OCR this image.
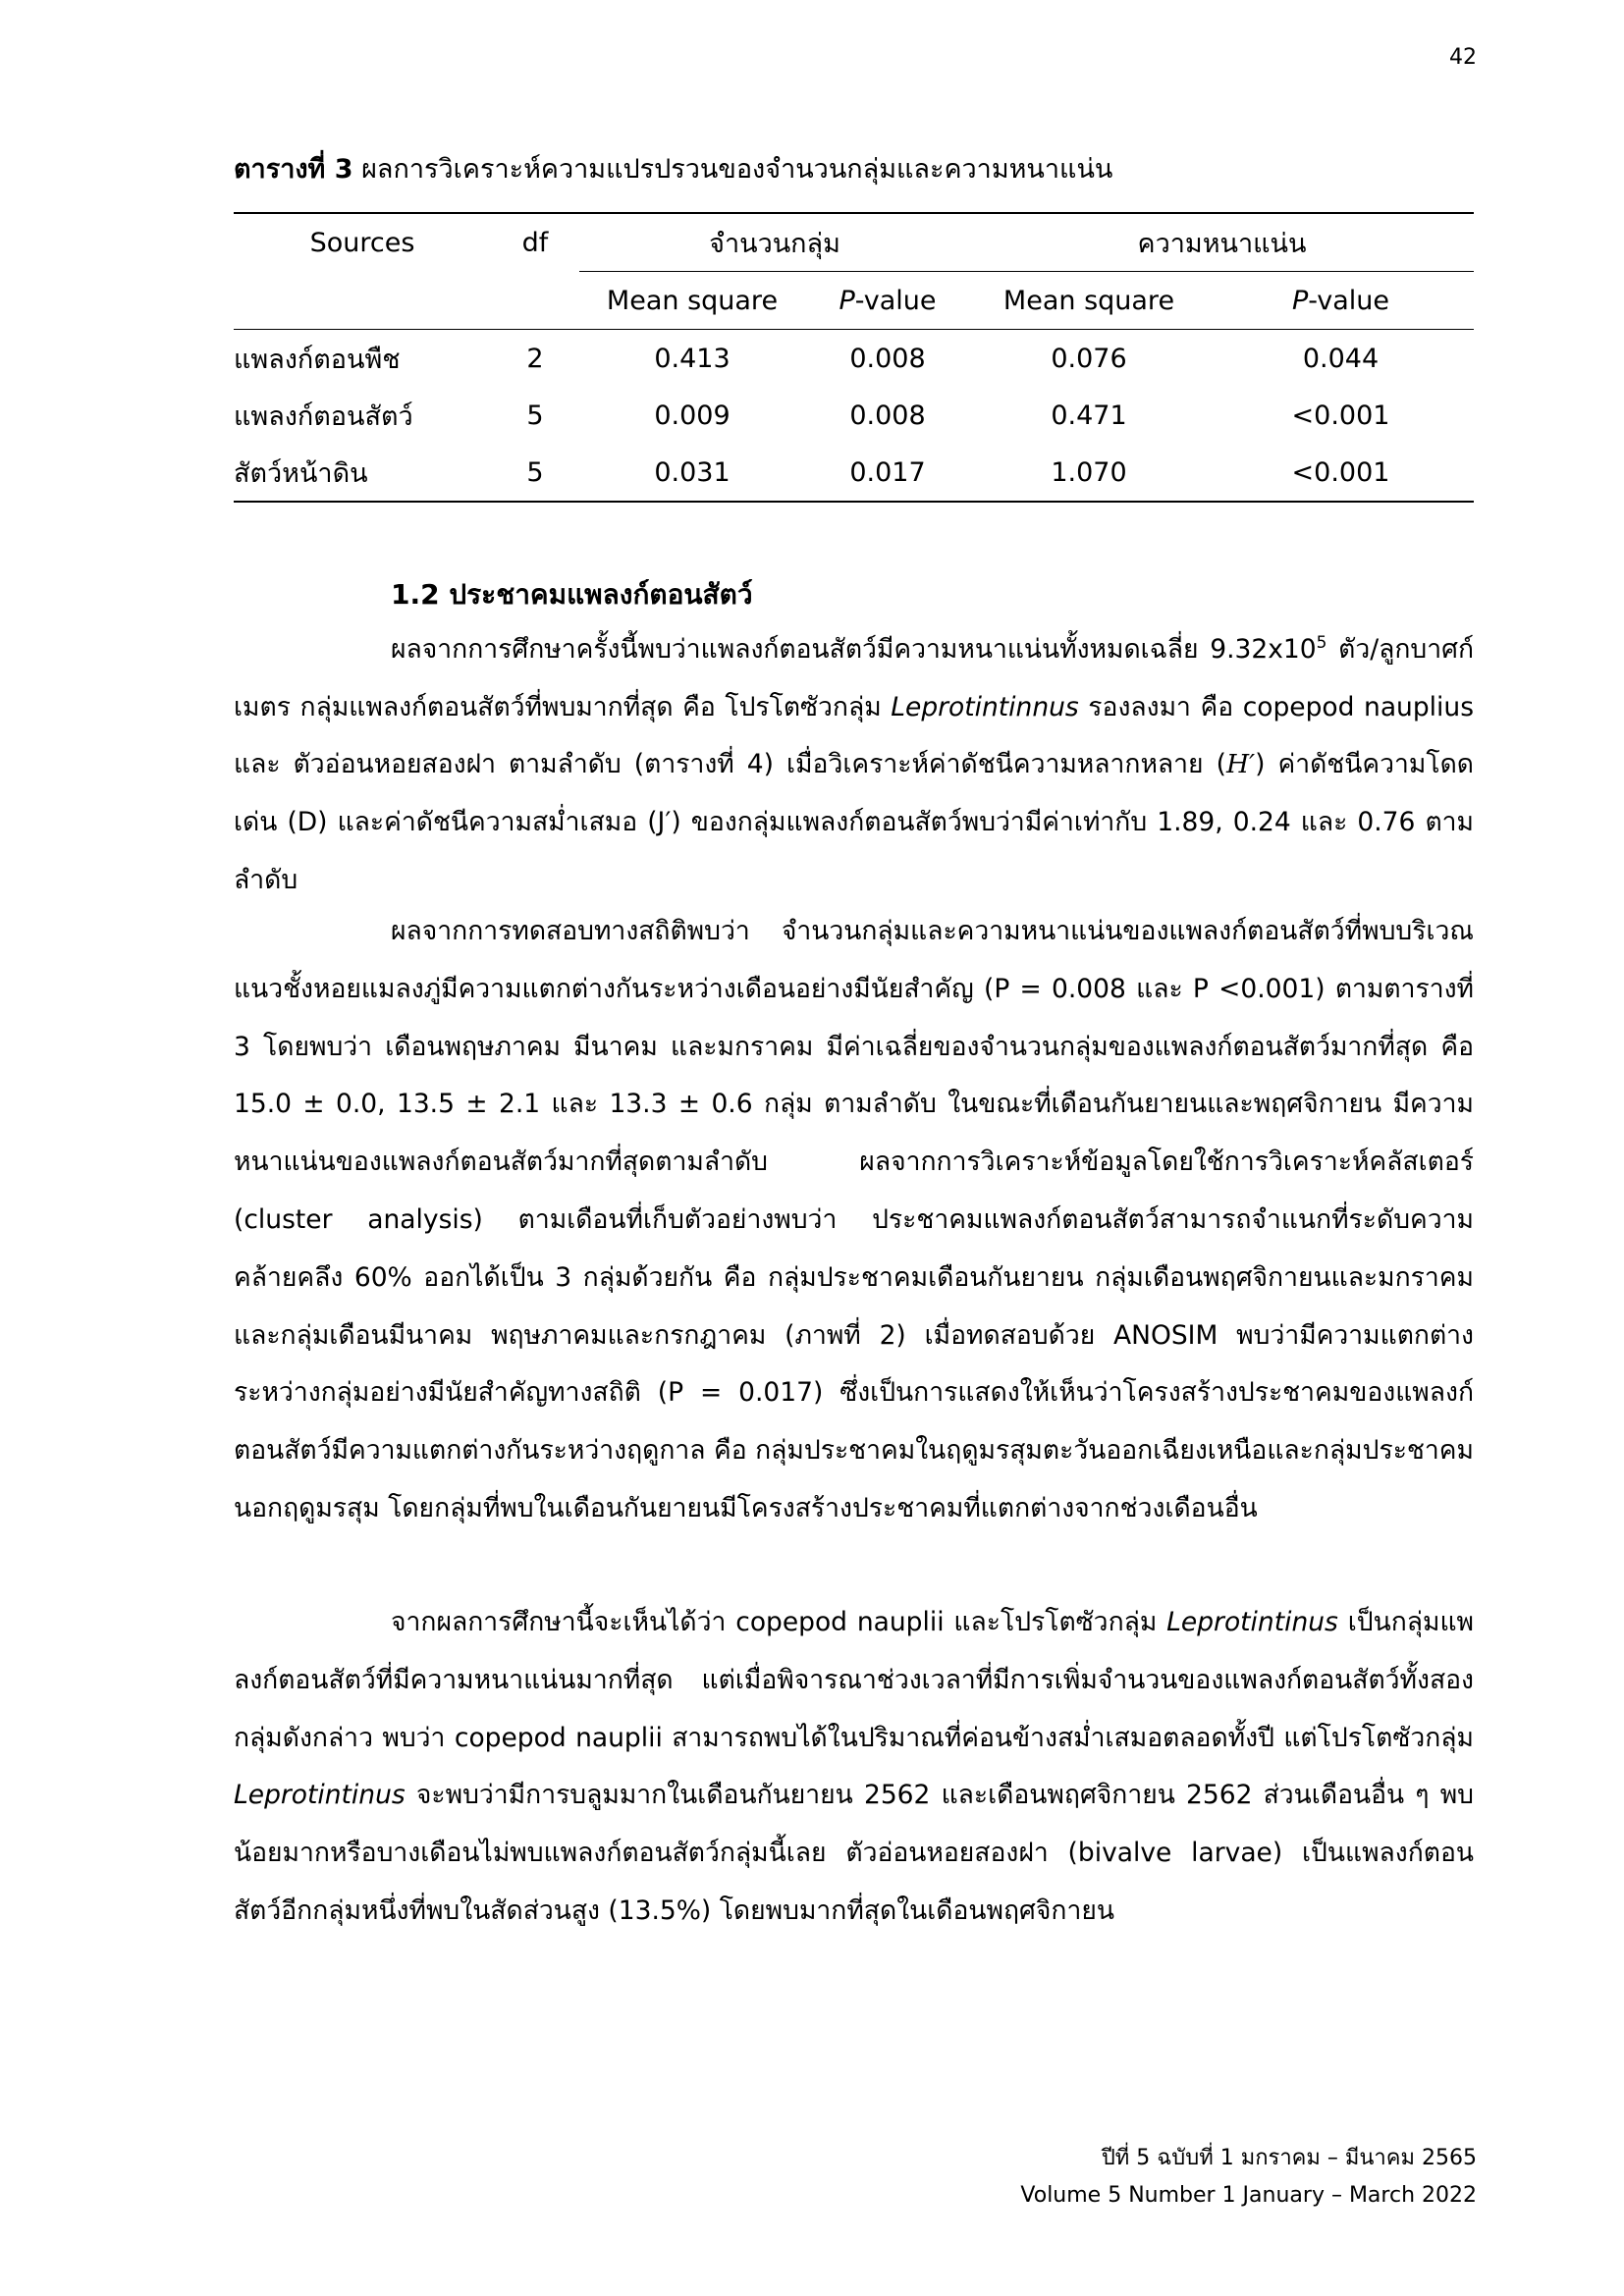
42
ตารางที่ 3 ผลการวิเคราะห์ความแปรปรวนของจำนวนกลุ่มและความหนาแน่น
Sources	df	จำนวนกลุ่ม		ความหนาแน่น	
		Mean square	P-value	Mean square	P-value
แพลงก์ตอนพืช	2	0.413	0.008	0.076	0.044
แพลงก์ตอนสัตว์	5	0.009	0.008	0.471	<0.001
สัตว์หน้าดิน	5	0.031	0.017	1.070	<0.001
1.2 ประชาคมแพลงก์ตอนสัตว์

ผลจากการศึกษาครั้งนี้พบว่าแพลงก์ตอนสัตว์มีความหนาแน่นทั้งหมดเฉลี่ย $9.32x10^5$ ตัว/ลูกบาศก์เมตร กลุ่มแพลงก์ตอนสัตว์ที่พบมากที่สุด คือ โปรโตซัวกลุ่ม Leprotintinnus รองลงมา คือ copepod nauplius และ ตัวอ่อนหอยสองฝา ตามลำดับ (ตารางที่ 4) เมื่อวิเคราะห์ค่าดัชนีความหลากหลาย (H′) ค่าดัชนีความโดดเด่น (D) และค่าดัชนีความสม่ำเสมอ (J′) ของกลุ่มแพลงก์ตอนสัตว์พบว่ามีค่าเท่ากับ 1.89, 0.24 และ 0.76 ตามลำดับ

ผลจากการทดสอบทางสถิติพบว่า จำนวนกลุ่มและความหนาแน่นของแพลงก์ตอนสัตว์ที่พบบริเวณแนวชั้งหอยแมลงภู่มีความแตกต่างกันระหว่างเดือนอย่างมีนัยสำคัญ (P = 0.008 และ P <0.001) ตามตารางที่ 3 โดยพบว่า เดือนพฤษภาคม มีนาคม และมกราคม มีค่าเฉลี่ยของจำนวนกลุ่มของแพลงก์ตอนสัตว์มากที่สุด คือ 15.0 ± 0.0, 13.5 ± 2.1 และ 13.3 ± 0.6 กลุ่ม ตามลำดับ ในขณะที่เดือนกันยายนและพฤศจิกายน มีความหนาแน่นของแพลงก์ตอนสัตว์มากที่สุดตามลำดับ ผลจากการวิเคราะห์ข้อมูลโดยใช้การวิเคราะห์คลัสเตอร์ (cluster analysis) ตามเดือนที่เก็บตัวอย่างพบว่า ประชาคมแพลงก์ตอนสัตว์สามารถจำแนกที่ระดับความคล้ายคลึง 60% ออกได้เป็น 3 กลุ่มด้วยกัน คือ กลุ่มประชาคมเดือนกันยายน กลุ่มเดือนพฤศจิกายนและมกราคม และกลุ่มเดือนมีนาคม พฤษภาคมและกรกฎาคม (ภาพที่ 2) เมื่อทดสอบด้วย ANOSIM พบว่ามีความแตกต่างระหว่างกลุ่มอย่างมีนัยสำคัญทางสถิติ (P = 0.017) ซึ่งเป็นการแสดงให้เห็นว่าโครงสร้างประชาคมของแพลงก์ตอนสัตว์มีความแตกต่างกันระหว่างฤดูกาล คือ กลุ่มประชาคมในฤดูมรสุมตะวันออกเฉียงเหนือและกลุ่มประชาคมนอกฤดูมรสุม โดยกลุ่มที่พบในเดือนกันยายนมีโครงสร้างประชาคมที่แตกต่างจากช่วงเดือนอื่น

จากผลการศึกษานี้จะเห็นได้ว่า copepod nauplii และโปรโตซัวกลุ่ม Leprotintinus เป็นกลุ่มแพลงก์ตอนสัตว์ที่มีความหนาแน่นมากที่สุด แต่เมื่อพิจารณาช่วงเวลาที่มีการเพิ่มจำนวนของแพลงก์ตอนสัตว์ทั้งสองกลุ่มดังกล่าว พบว่า copepod nauplii สามารถพบได้ในปริมาณที่ค่อนข้างสม่ำเสมอตลอดทั้งปี แต่โปรโตซัวกลุ่ม Leprotintinus จะพบว่ามีการบลูมมากในเดือนกันยายน 2562 และเดือนพฤศจิกายน 2562 ส่วนเดือนอื่น ๆ พบน้อยมากหรือบางเดือนไม่พบแพลงก์ตอนสัตว์กลุ่มนี้เลย ตัวอ่อนหอยสองฝา (bivalve larvae) เป็นแพลงก์ตอนสัตว์อีกกลุ่มหนึ่งที่พบในสัดส่วนสูง (13.5%) โดยพบมากที่สุดในเดือนพฤศจิกายน

ปีที่ 5 ฉบับที่ 1 มกราคม – มีนาคม 2565
Volume 5 Number 1 January – March 2022
